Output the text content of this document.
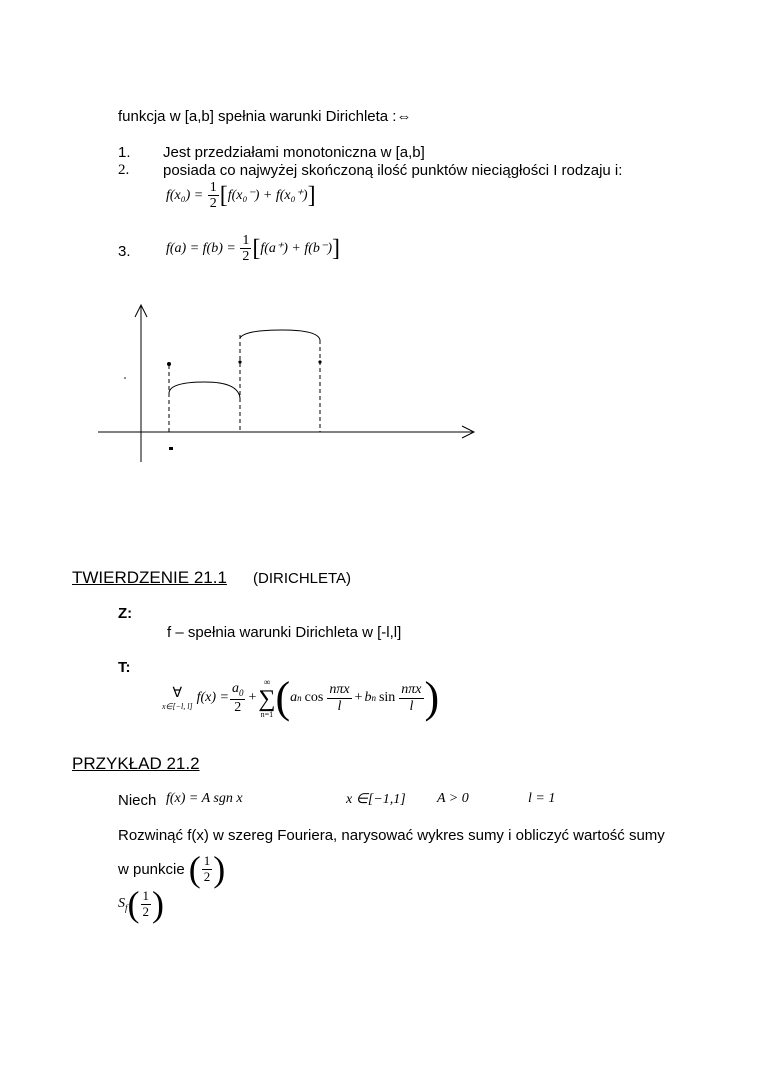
funkcja w [a,b] spełnia warunki Dirichleta :⇔
1. Jest przedziałami monotoniczna w [a,b]
2. posiada co najwyżej skończoną ilość punktów nieciągłości I rodzaju i:
$f(x_0) = \frac{1}{2} [f(x_0^-) + f(x_0^+)]$
3.	$f(a) = f(b) = \frac{1}{2} [f(a^+) + f(b^-)]$
TWIERDZENIE 21.1 (DIRICHLETA)
Z:
f – spełnia warunki Dirichleta w [-l,l]
T:
∀
x∈[−l, l]
$f(x) = \frac{a_0}{2}$ +
∞
∑
n=1 ( a n $\cos \frac{\text{nπx}}{l} + b$ n $\sin \frac{\text{nπx}}{l}$ )
PRZYKŁAD 21.2
Niech f(x) = A sgn x	x ∈[−1,1] A > 0	l = 1
Rozwinąć f(x) w szereg Fouriera, narysować wykres sumy i obliczyć wartość sumy
w punkcie ( $\frac{1}{2}$ )
$S_f$ ( $\frac{1}{2}$ )
